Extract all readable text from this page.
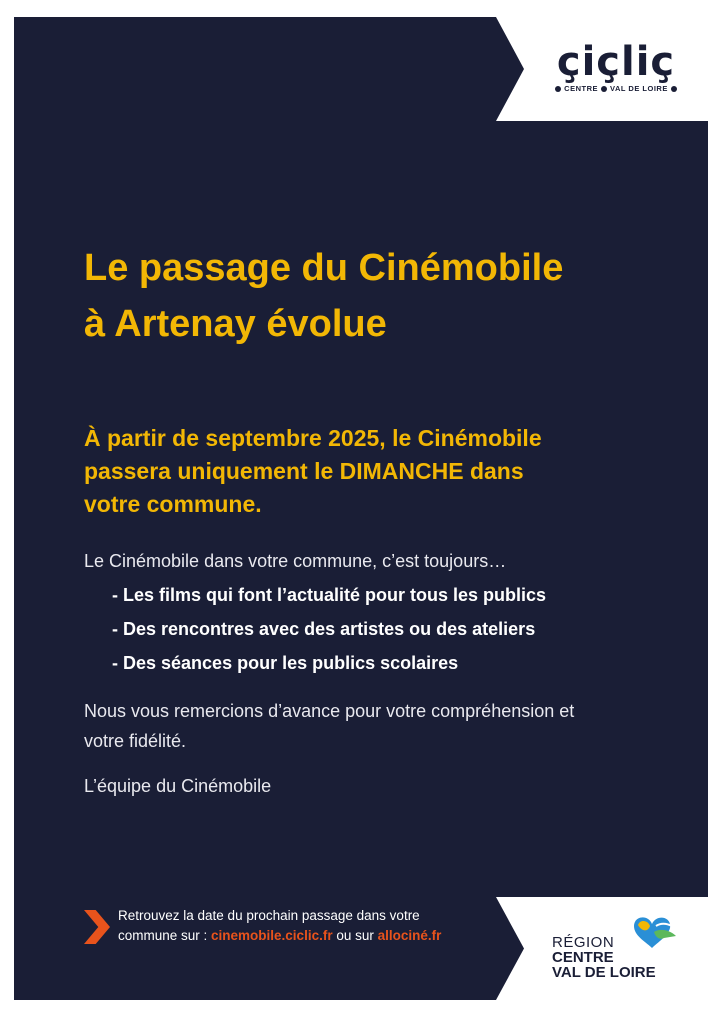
çiçliç
CENTRE VAL DE LOIRE
Le passage du Cinémobile
à Artenay évolue
À partir de septembre 2025, le Cinémobile
passera uniquement le DIMANCHE dans
votre commune.
Le Cinémobile dans votre commune, c’est toujours…
- Les films qui font l’actualité pour tous les publics
- Des rencontres avec des artistes ou des ateliers
- Des séances pour les publics scolaires
Nous vous remercions d’avance pour votre compréhension et
votre fidélité.
L’équipe du Cinémobile
Retrouvez la date du prochain passage dans votre
commune sur : cinemobile.ciclic.fr ou sur allociné.fr	RÉGION
CENTRE
VAL DE LOIRE
